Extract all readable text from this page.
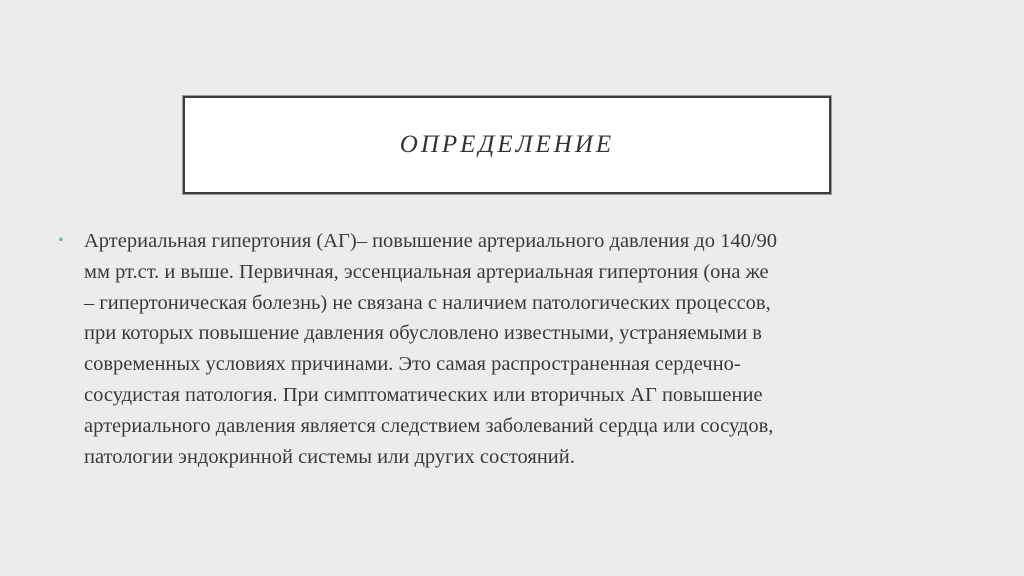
ОПРЕДЕЛЕНИЕ
• Артериальная гипертония (АГ)– повышение артериального давления до 140/90
мм рт.ст. и выше. Первичная, эссенциальная артериальная гипертония (она же
– гипертоническая болезнь) не связана с наличием патологических процессов,
при которых повышение давления обусловлено известными, устраняемыми в
современных условиях причинами. Это самая распространенная сердечно-
сосудистая патология. При симптоматических или вторичных АГ повышение
артериального давления является следствием заболеваний сердца или сосудов,
патологии эндокринной системы или других состояний.
